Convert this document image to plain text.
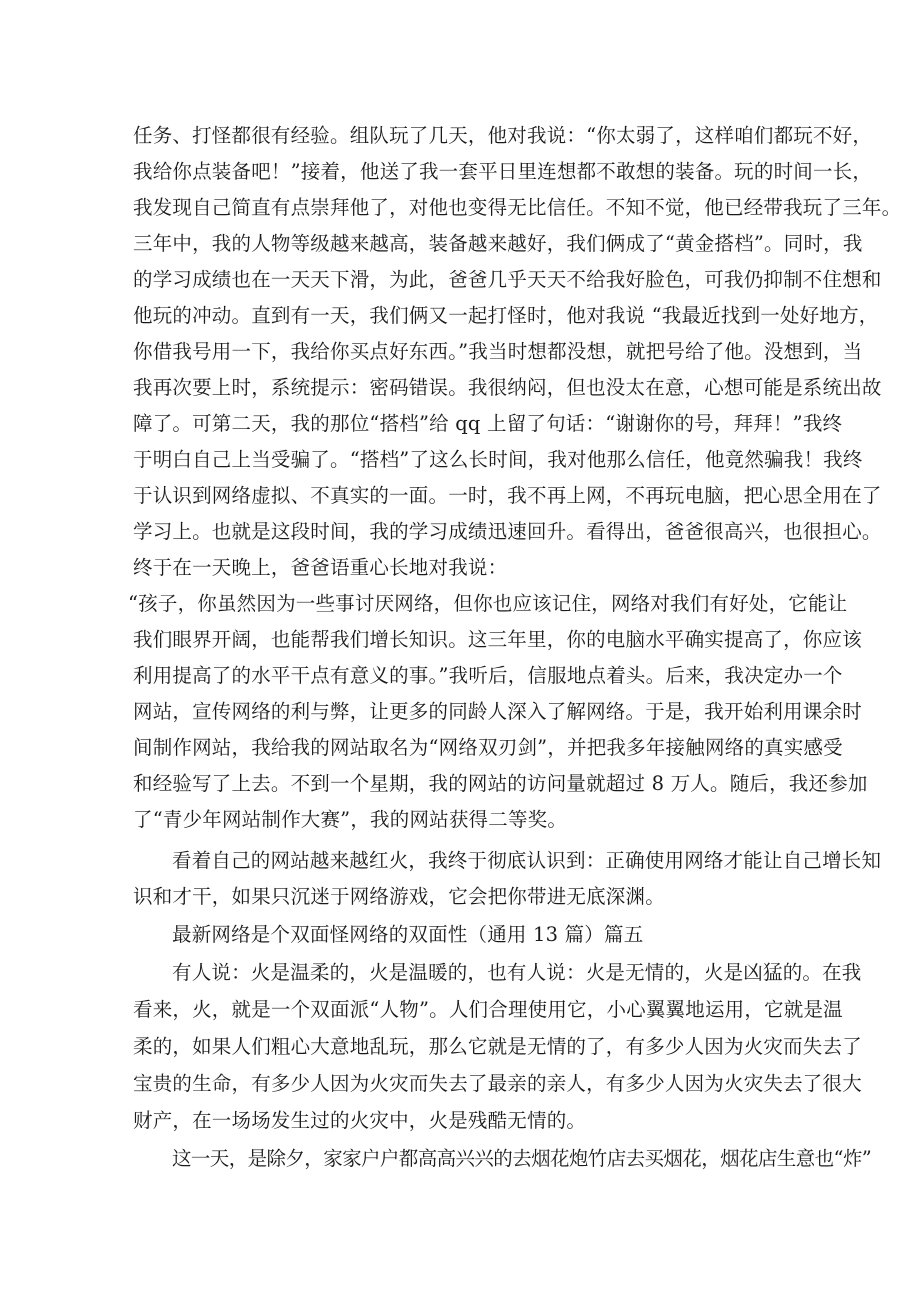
任务、打怪都很有经验。组队玩了几天，他对我说：“你太弱了，这样咱们都玩不好，
我给你点装备吧！”接着，他送了我一套平日里连想都不敢想的装备。玩的时间一长，
我发现自己简直有点崇拜他了，对他也变得无比信任。不知不觉，他已经带我玩了三年。
三年中，我的人物等级越来越高，装备越来越好，我们俩成了“黄金搭档”。同时，我
的学习成绩也在一天天下滑，为此，爸爸几乎天天不给我好脸色，可我仍抑制不住想和
他玩的冲动。直到有一天，我们俩又一起打怪时，他对我说 “我最近找到一处好地方，
你借我号用一下，我给你买点好东西。”我当时想都没想，就把号给了他。没想到，当
我再次要上时，系统提示：密码错误。我很纳闷，但也没太在意，心想可能是系统出故
障了。可第二天，我的那位“搭档”给 qq 上留了句话：“谢谢你的号，拜拜！”我终
于明白自己上当受骗了。“搭档”了这么长时间，我对他那么信任，他竟然骗我！我终
于认识到网络虚拟、不真实的一面。一时，我不再上网，不再玩电脑，把心思全用在了
学习上。也就是这段时间，我的学习成绩迅速回升。看得出，爸爸很高兴，也很担心。
终于在一天晚上，爸爸语重心长地对我说：
“孩子，你虽然因为一些事讨厌网络，但你也应该记住，网络对我们有好处，它能让
我们眼界开阔，也能帮我们增长知识。这三年里，你的电脑水平确实提高了，你应该
利用提高了的水平干点有意义的事。”我听后，信服地点着头。后来，我决定办一个
网站，宣传网络的利与弊，让更多的同龄人深入了解网络。于是，我开始利用课余时
间制作网站，我给我的网站取名为“网络双刃剑”，并把我多年接触网络的真实感受
和经验写了上去。不到一个星期，我的网站的访问量就超过 8 万人。随后，我还参加
了“青少年网站制作大赛”，我的网站获得二等奖。
看着自己的网站越来越红火，我终于彻底认识到：正确使用网络才能让自己增长知
识和才干，如果只沉迷于网络游戏，它会把你带进无底深渊。
最新网络是个双面怪网络的双面性（通用 13 篇）篇五
有人说：火是温柔的，火是温暖的，也有人说：火是无情的，火是凶猛的。在我
看来，火，就是一个双面派“人物”。人们合理使用它，小心翼翼地运用，它就是温
柔的，如果人们粗心大意地乱玩，那么它就是无情的了，有多少人因为火灾而失去了
宝贵的生命，有多少人因为火灾而失去了最亲的亲人，有多少人因为火灾失去了很大
财产，在一场场发生过的火灾中，火是残酷无情的。
这一天，是除夕，家家户户都高高兴兴的去烟花炮竹店去买烟花，烟花店生意也“炸”
